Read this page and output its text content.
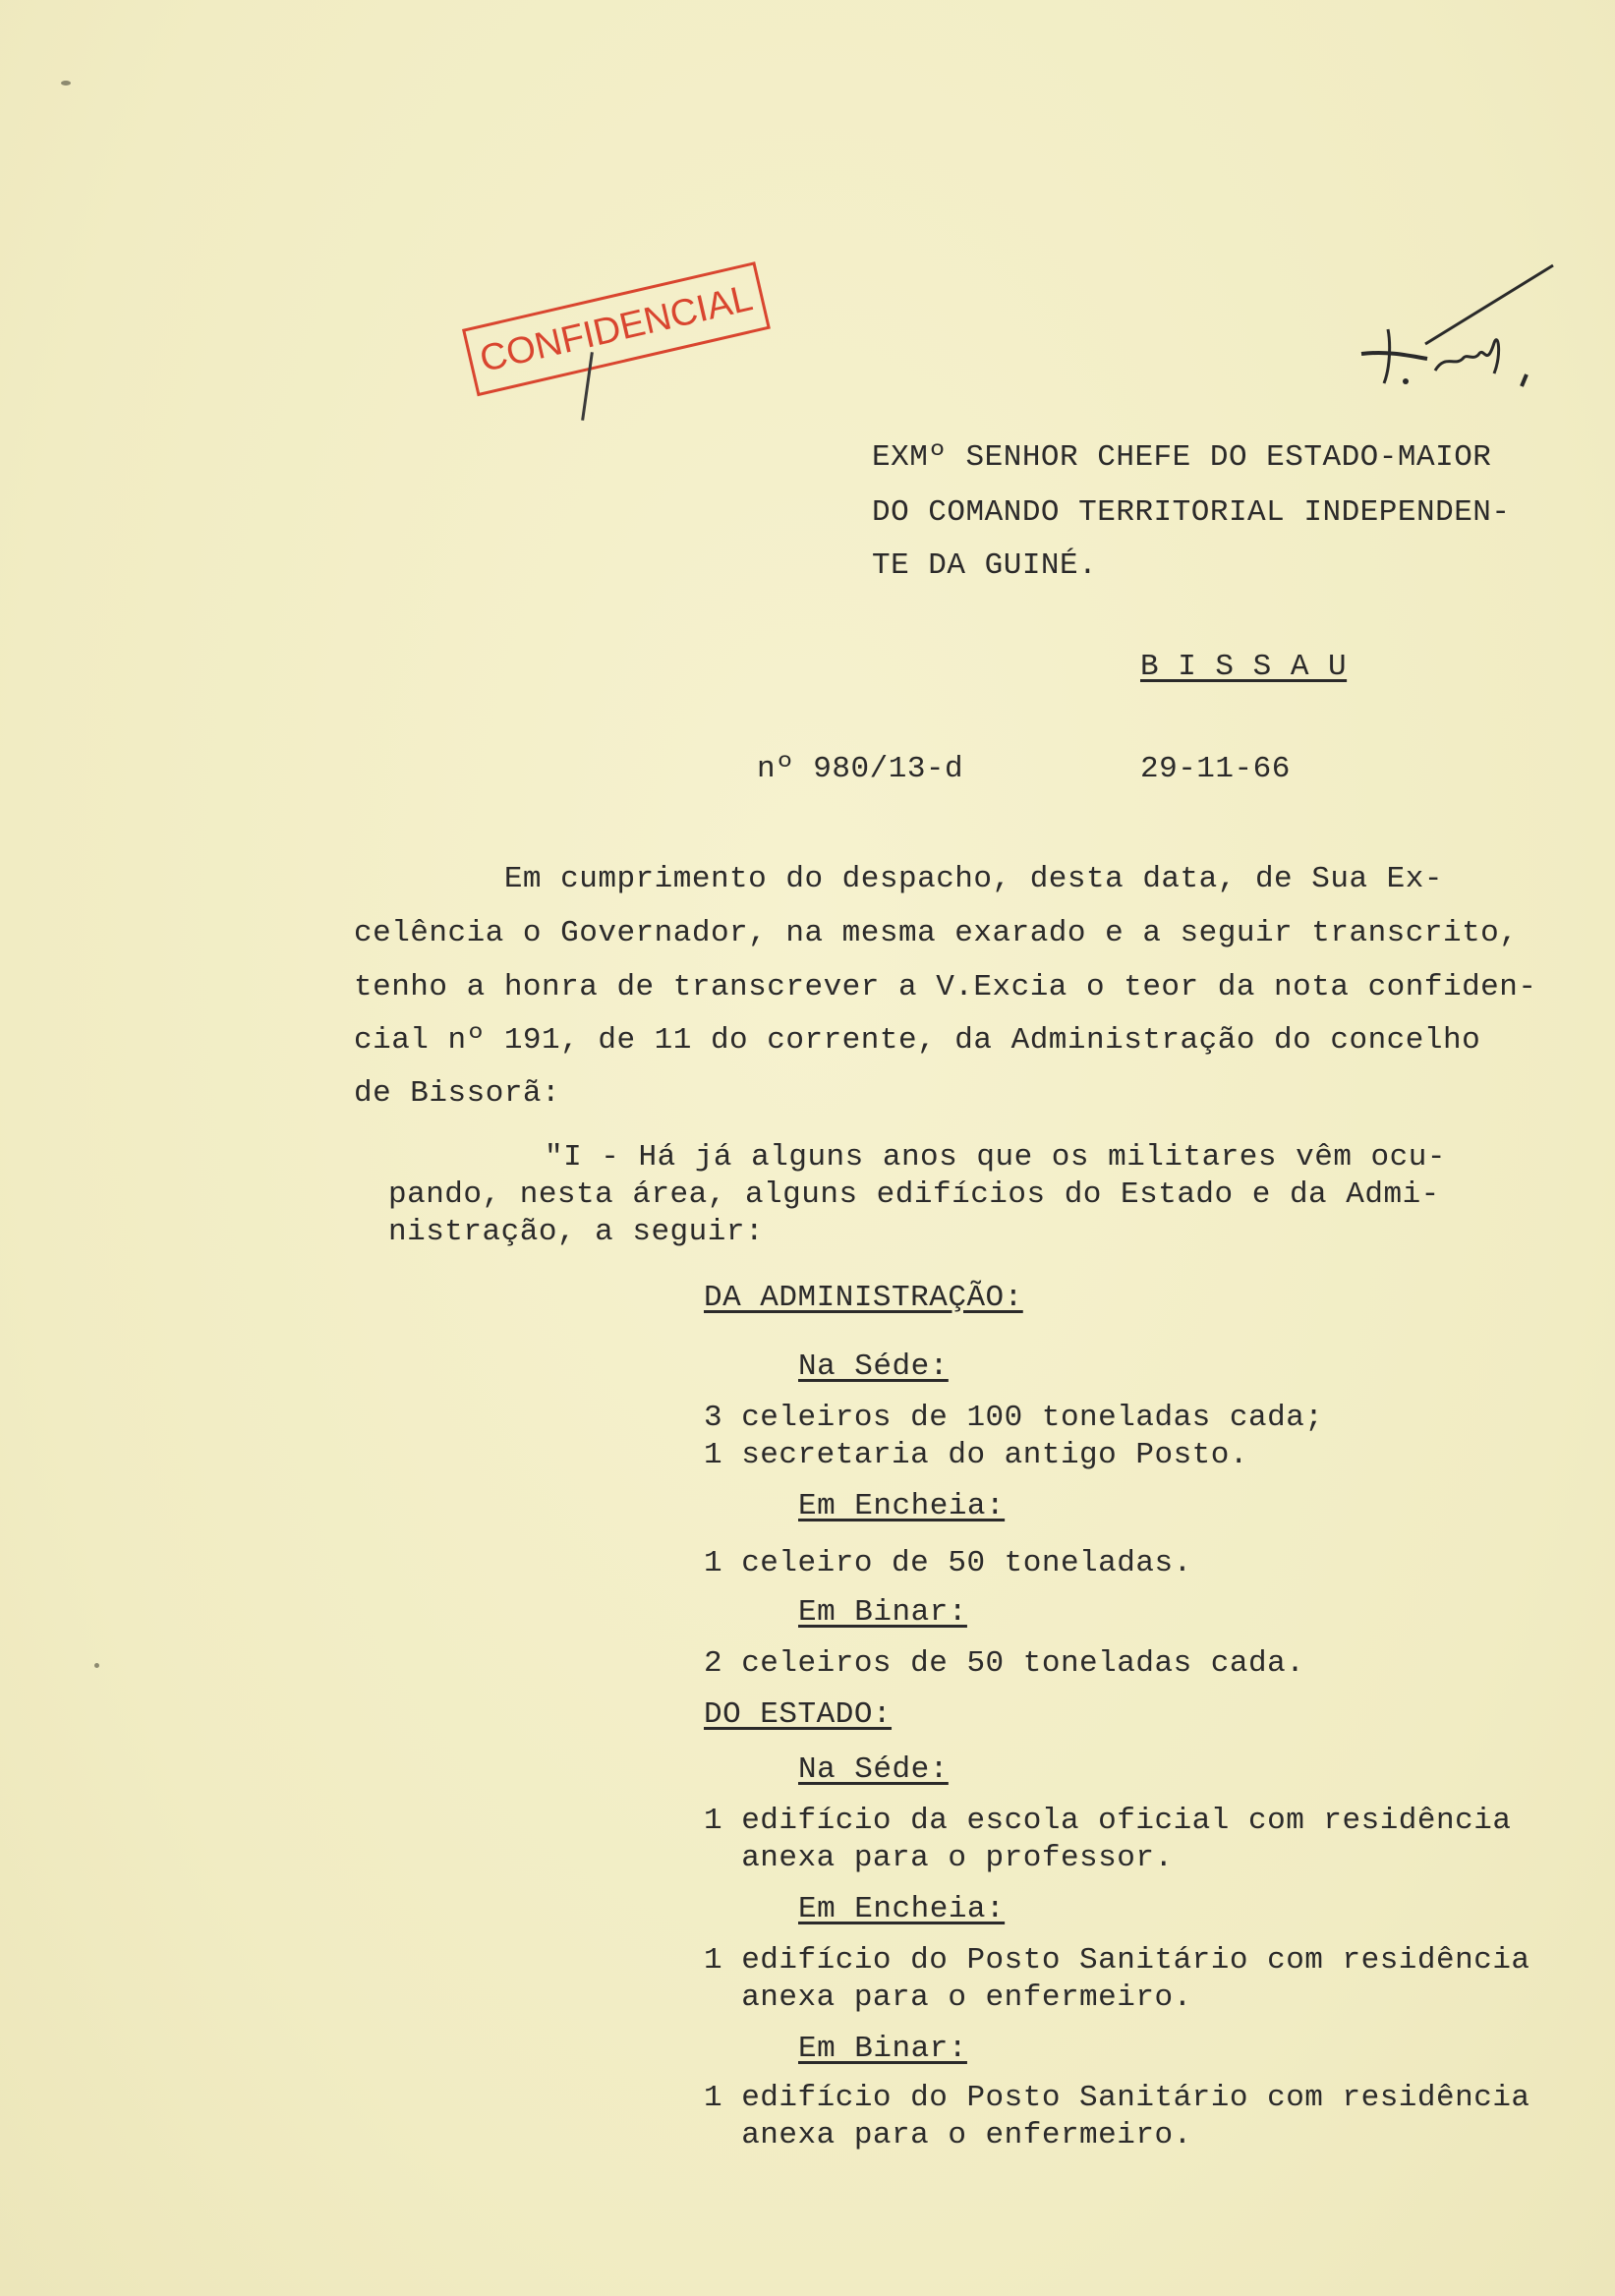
CONFIDENCIAL
EXMº SENHOR CHEFE DO ESTADO-MAIOR
DO COMANDO TERRITORIAL INDEPENDEN-
TE DA GUINÉ.
B I S S A U
nº 980/13-d	29-11-66
Em cumprimento do despacho, desta data, de Sua Ex-
celência o Governador, na mesma exarado e a seguir transcrito,
tenho a honra de transcrever a V.Excia o teor da nota confiden-
cial nº 191, de 11 do corrente, da Administração do concelho
de Bissorã:
"I - Há já alguns anos que os militares vêm ocu-
pando, nesta área, alguns edifícios do Estado e da Admi-
nistração, a seguir:
DA ADMINISTRAÇÃO:
Na Séde:
3 celeiros de 100 toneladas cada;
1 secretaria do antigo Posto.
Em Encheia:
1 celeiro de 50 toneladas.
Em Binar:
2 celeiros de 50 toneladas cada.
DO ESTADO:
Na Séde:
1 edifício da escola oficial com residência
anexa para o professor.
Em Encheia:
1 edifício do Posto Sanitário com residência
anexa para o enfermeiro.
Em Binar:
1 edifício do Posto Sanitário com residência
anexa para o enfermeiro.
